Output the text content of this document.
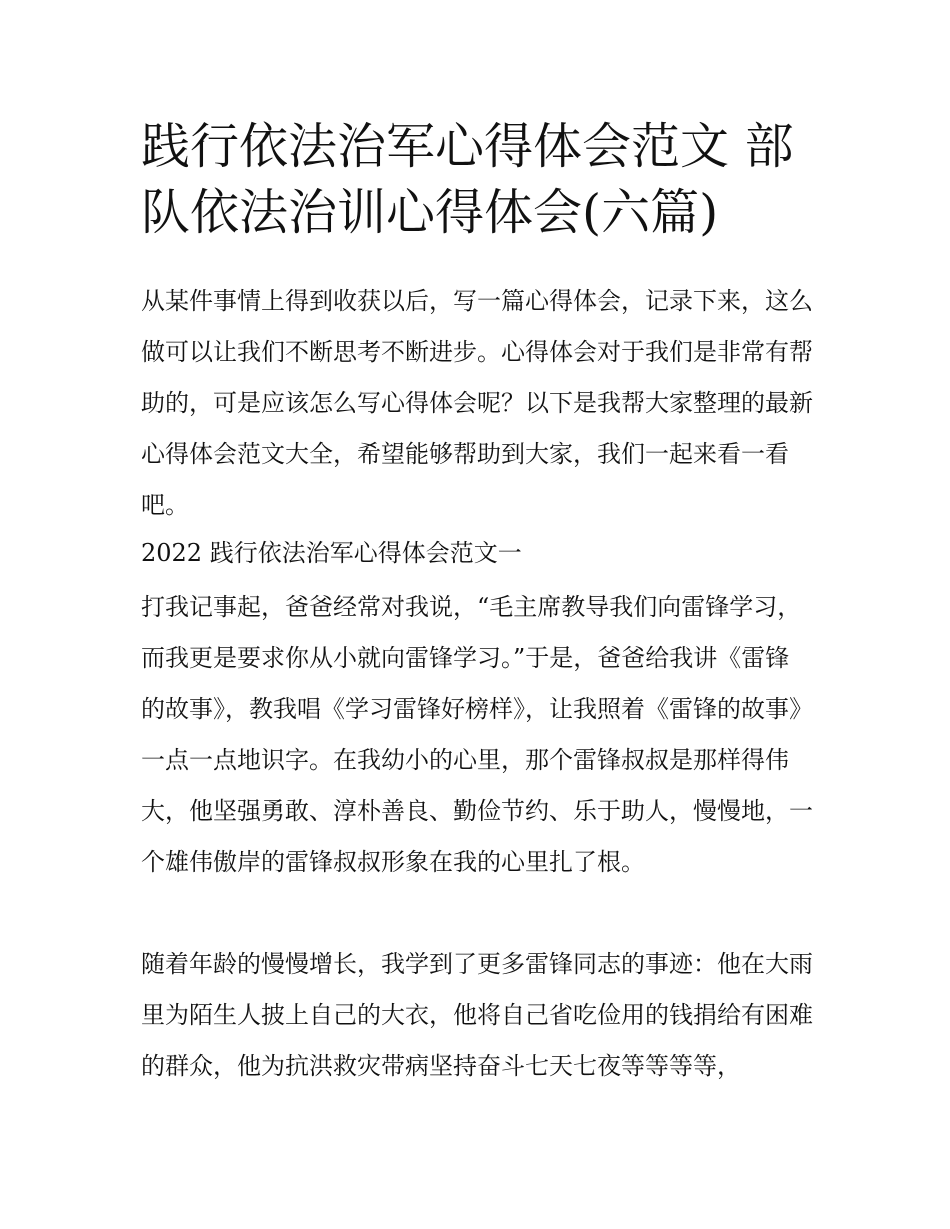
践行依法治军心得体会范文 部队依法治训心得体会(六篇)

从某件事情上得到收获以后，写一篇心得体会，记录下来，这么做可以让我们不断思考不断进步。心得体会对于我们是非常有帮助的，可是应该怎么写心得体会呢？以下是我帮大家整理的最新心得体会范文大全，希望能够帮助到大家，我们一起来看一看吧。

2022 践行依法治军心得体会范文一

打我记事起，爸爸经常对我说，“毛主席教导我们向雷锋学习，而我更是要求你从小就向雷锋学习。”于是，爸爸给我讲《雷锋的故事》，教我唱《学习雷锋好榜样》，让我照着《雷锋的故事》一点一点地识字。在我幼小的心里，那个雷锋叔叔是那样得伟大，他坚强勇敢、淳朴善良、勤俭节约、乐于助人，慢慢地，一个雄伟傲岸的雷锋叔叔形象在我的心里扎了根。

随着年龄的慢慢增长，我学到了更多雷锋同志的事迹：他在大雨里为陌生人披上自己的大衣，他将自己省吃俭用的钱捐给有困难的群众，他为抗洪救灾带病坚持奋斗七天七夜等等等等，
